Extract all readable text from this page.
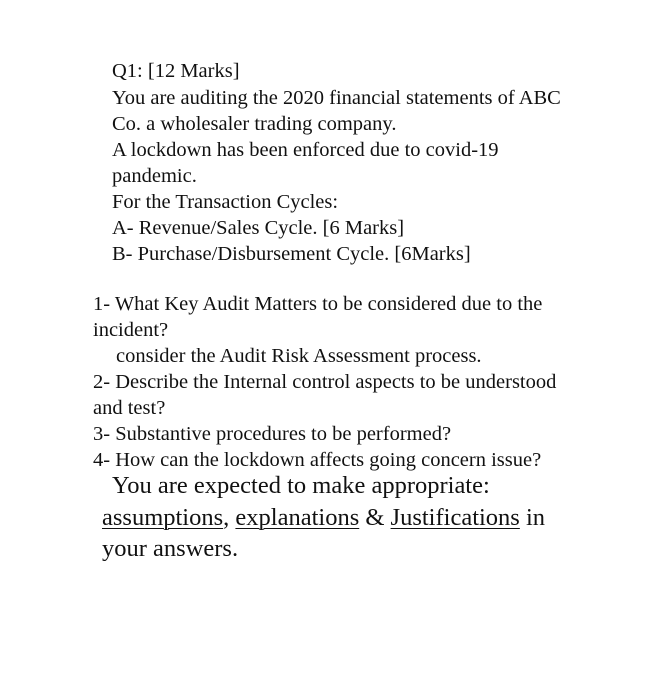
Q1: [12 Marks]
You are auditing the 2020 financial statements of ABC
Co. a wholesaler trading company.
A lockdown has been enforced due to covid-19
pandemic.
For the Transaction Cycles:
A- Revenue/Sales Cycle. [6 Marks]
B- Purchase/Disbursement Cycle. [6Marks]
1- What Key Audit Matters to be considered due to the
incident?
consider the Audit Risk Assessment process.
2- Describe the Internal control aspects to be understood
and test?
3- Substantive procedures to be performed?
4- How can the lockdown affects going concern issue?
You are expected to make appropriate:
assumptions, explanations & Justifications in
your answers.
